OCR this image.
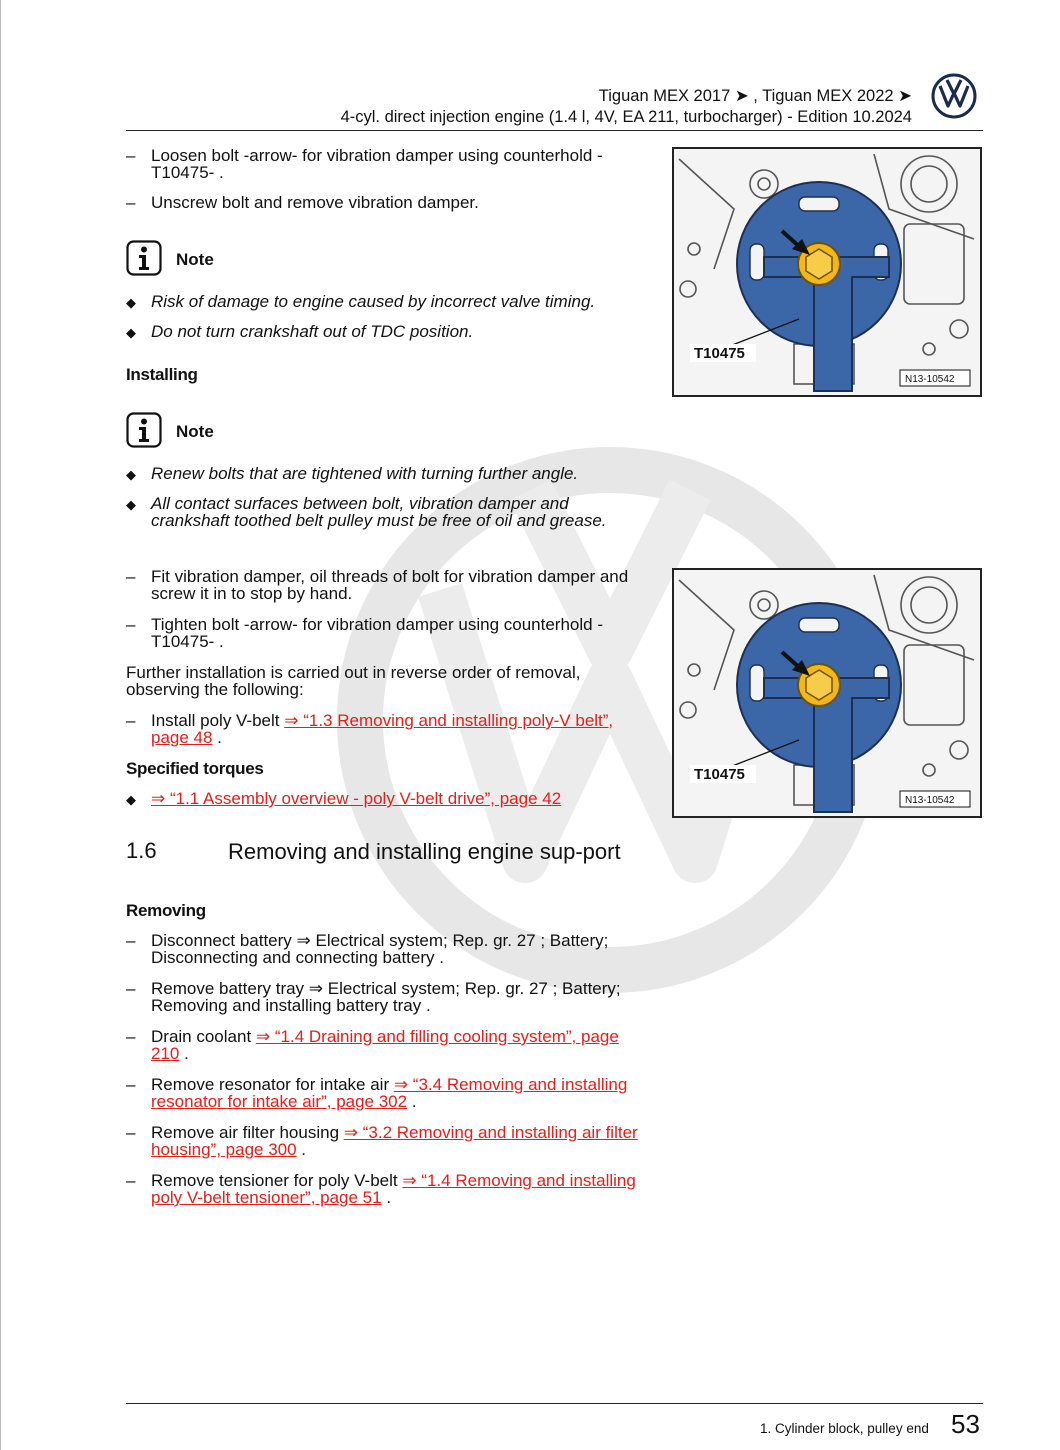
Tiguan MEX 2017 ➤ , Tiguan MEX 2022 ➤
4-cyl. direct injection engine (1.4 l, 4V, EA 211, turbocharger) - Edition 10.2024
– Loosen bolt -arrow- for vibration damper using counterhold - T10475- .
– Unscrew bolt and remove vibration damper.
Note
◆ Risk of damage to engine caused by incorrect valve timing.
◆ Do not turn crankshaft out of TDC position.
Installing
Note
◆ Renew bolts that are tightened with turning further angle.
◆ All contact surfaces between bolt, vibration damper and crankshaft toothed belt pulley must be free of oil and grease.
– Fit vibration damper, oil threads of bolt for vibration damper and screw it in to stop by hand.
– Tighten bolt -arrow- for vibration damper using counterhold - T10475- .
Further installation is carried out in reverse order of removal, observing the following:
– Install poly V-belt ⇒ “1.3 Removing and installing poly-V belt”, page 48 .
Specified torques
◆ ⇒ “1.1 Assembly overview - poly V-belt drive”, page 42
1.6	Removing and installing engine sup-port
Removing
– Disconnect battery ⇒ Electrical system; Rep. gr. 27 ; Battery; Disconnecting and connecting battery .
– Remove battery tray ⇒ Electrical system; Rep. gr. 27 ; Battery; Removing and installing battery tray .
– Drain coolant ⇒ “1.4 Draining and filling cooling system”, page 210 .
– Remove resonator for intake air ⇒ “3.4 Removing and installing resonator for intake air”, page 302 .
– Remove air filter housing ⇒ “3.2 Removing and installing air filter housing”, page 300 .
– Remove tensioner for poly V-belt ⇒ “1.4 Removing and installing poly V-belt tensioner”, page 51 .
T10475
N13-10542
T10475
N13-10542
1. Cylinder block, pulley end 53
